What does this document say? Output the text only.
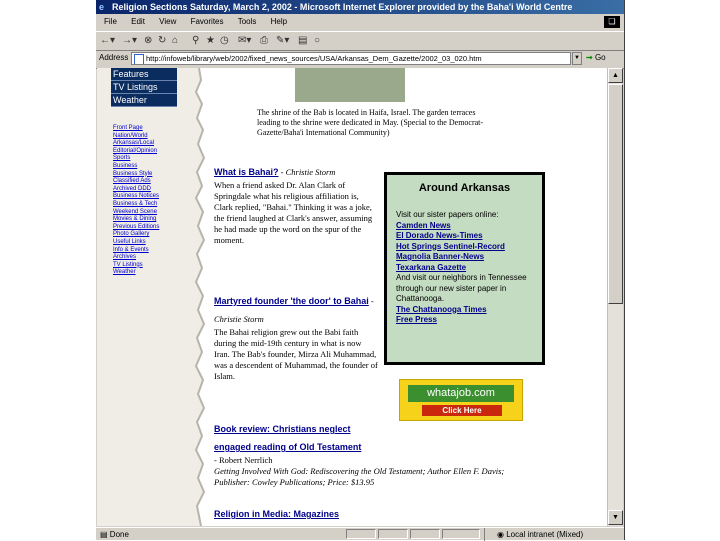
e Religion Sections Saturday, March 2, 2002 - Microsoft Internet Explorer provided by the Baha'i World Centre
File Edit View Favorites Tools Help	❏
←▾ →▾ ⊗ ↻ ⌂ ⚲ ★ ◷ ✉▾ ⎙ ✎▾ ▤ ○
Address	http://infoweb/library/web/2002/fixed_news_sources/USA/Arkansas_Dem_Gazette/2002_03_020.htm	▼ ➞ Go
Features
TV Listings
Weather
Front Page
Nation/World
Arkansas/Local
Editorial/Opinion
Sports
Business
Business Style
Classified Ads
Archived DDD
Business Notices
Business & Tech
Weekend Scene
Movies & Dining
Previous Editions
Photo Gallery
Useful Links
Info & Events
Archives
TV Listings
Weather
The shrine of the Bab is located in Haifa, Israel. The garden terraces leading to the shrine were dedicated in May. (Special to the Democrat-Gazette/Baha'i International Community)
What is Bahai? - Christie Storm
When a friend asked Dr. Alan Clark of Springdale what his religious affiliation is, Clark replied, "Bahai." Thinking it was a joke, the friend laughed at Clark's answer, assuming he had made up the word on the spur of the moment.
Martyred founder 'the door' to Bahai - Christie Storm
The Bahai religion grew out the Babi faith during the mid-19th century in what is now Iran. The Bab's founder, Mirza Ali Muhammad, was a descendent of Muhammad, the founder of Islam.
Book review: Christians neglect engaged reading of Old Testament
- Robert Nerrlich
Getting Involved With God: Rediscovering the Old Testament; Author Ellen F. Davis; Publisher: Cowley Publications; Price: $13.95
Religion in Media: Magazines
Around Arkansas
Visit our sister papers online:
Camden News
El Dorado News-Times
Hot Springs Sentinel-Record
Magnolia Banner-News
Texarkana Gazette
And visit our neighbors in Tennessee through our new sister paper in Chattanooga.
The Chattanooga Times
Free Press
whatajob.com
Click Here
▲
▼
▤ Done	◉ Local intranet (Mixed)
